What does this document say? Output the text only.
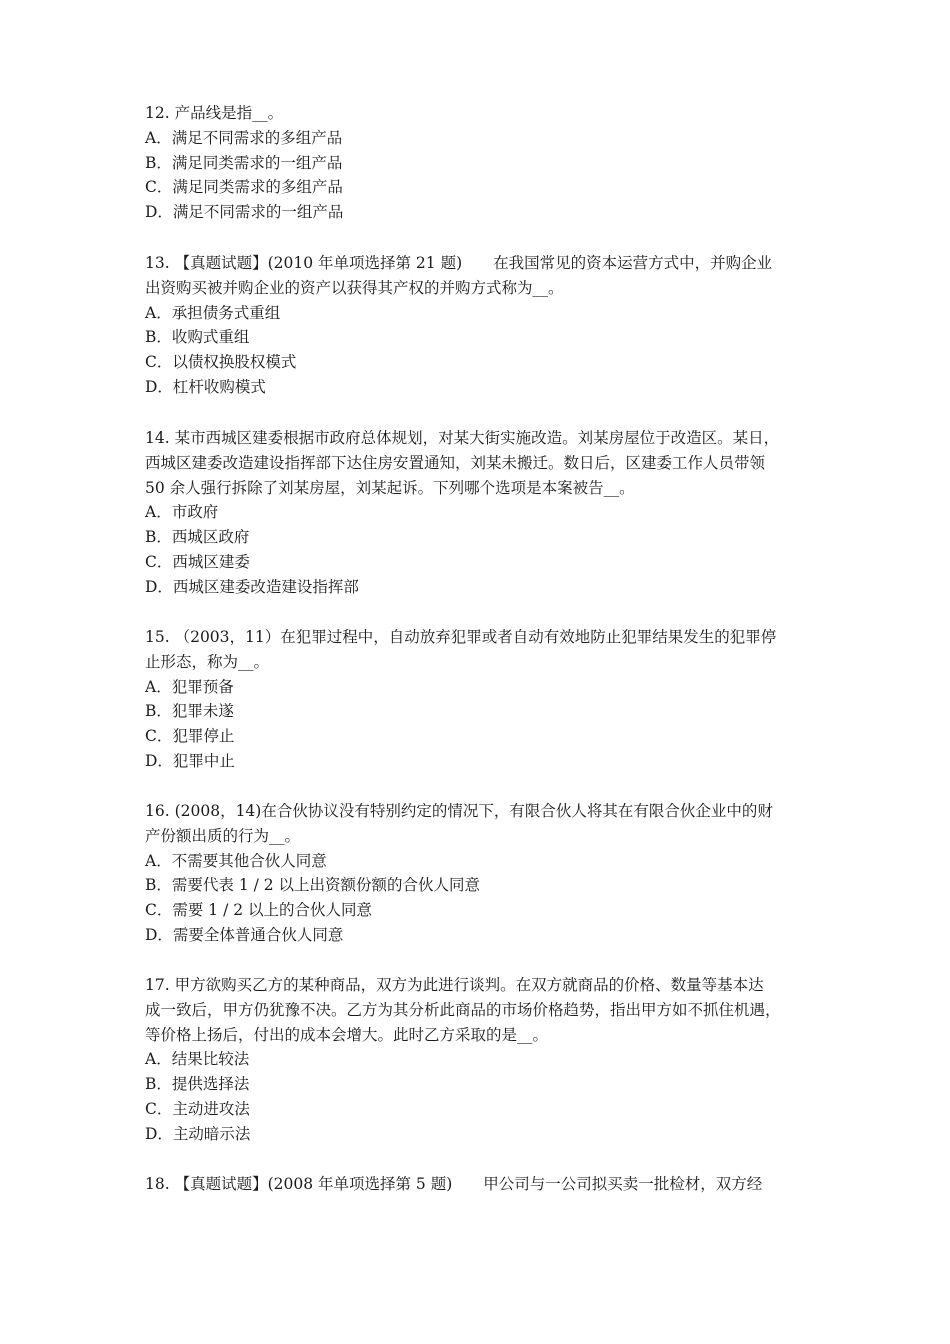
12. 产品线是指__。
A．满足不同需求的多组产品
B．满足同类需求的一组产品
C．满足同类需求的多组产品
D．满足不同需求的一组产品
13. 【真题试题】(2010 年单项选择第 21 题)　　在我国常见的资本运营方式中，并购企业
出资购买被并购企业的资产以获得其产权的并购方式称为__。
A．承担债务式重组
B．收购式重组
C．以债权换股权模式
D．杠杆收购模式
14. 某市西城区建委根据市政府总体规划，对某大街实施改造。刘某房屋位于改造区。某日，
西城区建委改造建设指挥部下达住房安置通知，刘某未搬迁。数日后，区建委工作人员带领
50 余人强行拆除了刘某房屋，刘某起诉。下列哪个选项是本案被告__。
A．市政府
B．西城区政府
C．西城区建委
D．西城区建委改造建设指挥部
15. （2003，11）在犯罪过程中，自动放弃犯罪或者自动有效地防止犯罪结果发生的犯罪停
止形态，称为__。
A．犯罪预备
B．犯罪未遂
C．犯罪停止
D．犯罪中止
16. (2008，14)在合伙协议没有特别约定的情况下，有限合伙人将其在有限合伙企业中的财
产份额出质的行为__。
A．不需要其他合伙人同意
B．需要代表 1 / 2 以上出资额份额的合伙人同意
C．需要 1 / 2 以上的合伙人同意
D．需要全体普通合伙人同意
17. 甲方欲购买乙方的某种商品，双方为此进行谈判。在双方就商品的价格、数量等基本达
成一致后，甲方仍犹豫不决。乙方为其分析此商品的市场价格趋势，指出甲方如不抓住机遇，
等价格上扬后，付出的成本会增大。此时乙方采取的是__。
A．结果比较法
B．提供选择法
C．主动进攻法
D．主动暗示法
18. 【真题试题】(2008 年单项选择第 5 题)　　甲公司与一公司拟买卖一批检材，双方经
